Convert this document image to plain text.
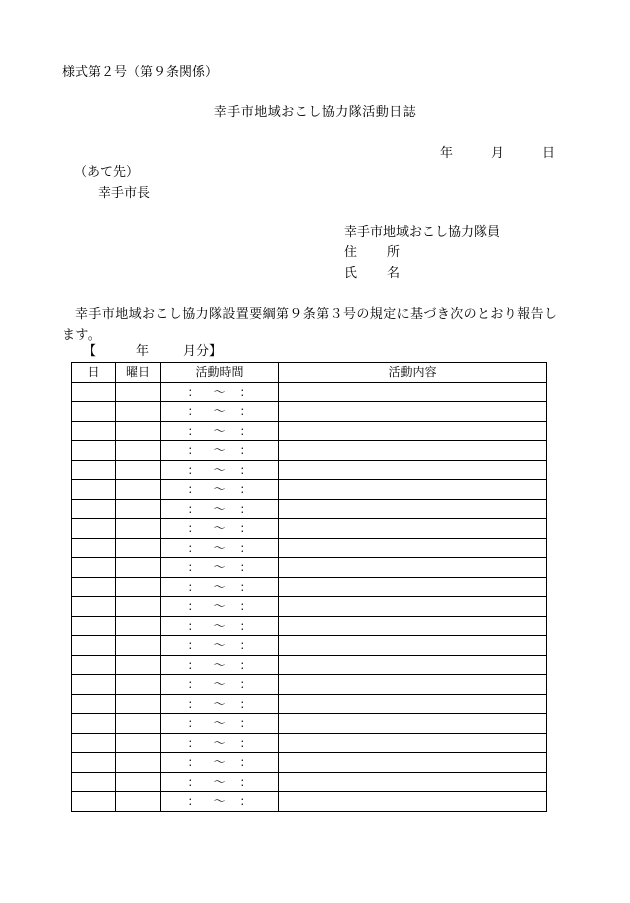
様式第２号（第９条関係）
幸手市地域おこし協力隊活動日誌
年	月	日
（あて先）
幸手市長
幸手市地域おこし協力隊員
住 所
氏 名
幸手市地域おこし協力隊設置要綱第９条第３号の規定に基づき次のとおり報告します。
【	年	月分】
日	曜日	活動時間	活動内容
		： 〜 ：	
		： 〜 ：	
		： 〜 ：	
		： 〜 ：	
		： 〜 ：	
		： 〜 ：	
		： 〜 ：	
		： 〜 ：	
		： 〜 ：	
		： 〜 ：	
		： 〜 ：	
		： 〜 ：	
		： 〜 ：	
		： 〜 ：	
		： 〜 ：	
		： 〜 ：	
		： 〜 ：	
		： 〜 ：	
		： 〜 ：	
		： 〜 ：	
		： 〜 ：	
		： 〜 ：	
